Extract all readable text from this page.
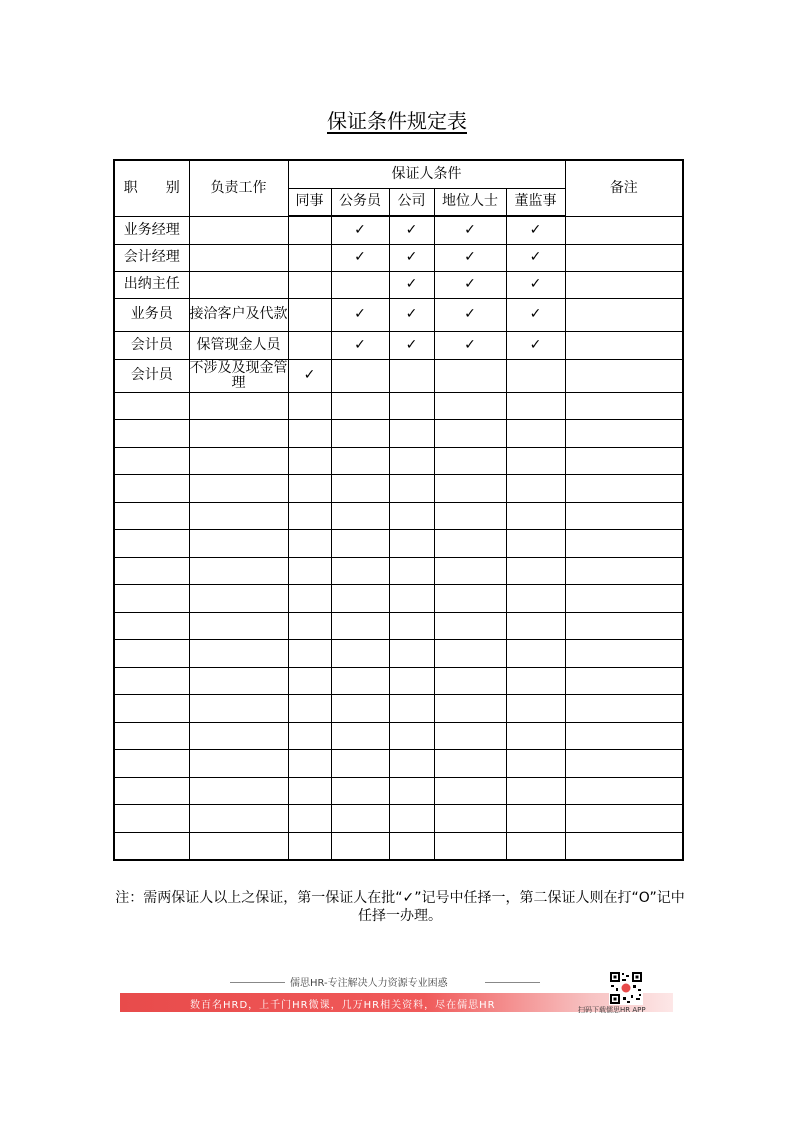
保证条件规定表
职　　别	负责工作	保证人条件					备注
		同事	公务员	公司	地位人士	董监事	
业务经理			✓	✓	✓	✓	
会计经理			✓	✓	✓	✓	
出纳主任				✓	✓	✓	
业务员	接洽客户及代款		✓	✓	✓	✓	
会计员	保管现金人员		✓	✓	✓	✓	
会计员	不涉及及现金管理	✓					

注：需两保证人以上之保证，第一保证人在批“✓”记号中任择一，第二保证人则在打“O”记中任择一办理。
儒思HR-专注解决人力资源专业困惑
数百名HRD，上千门HR微课，几万HR相关资料，尽在儒思HR	扫码下载儒思HR APP
